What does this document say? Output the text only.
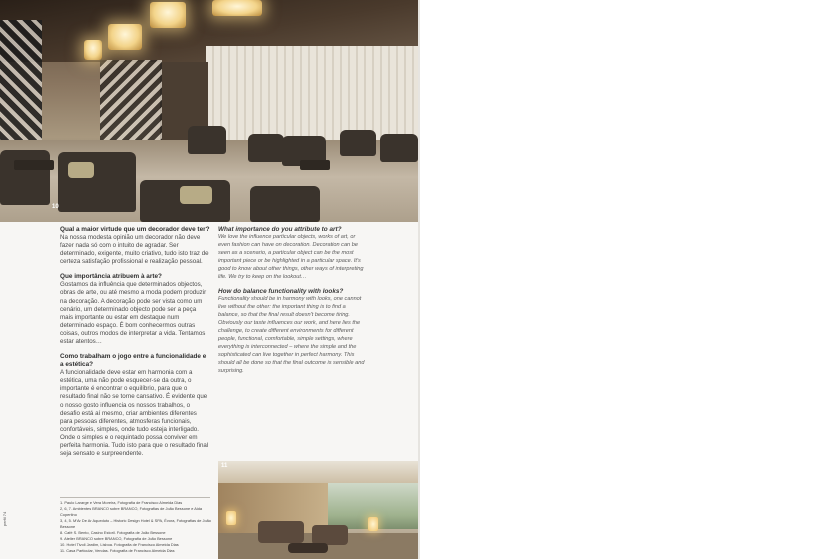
10

Qual a maior virtude que um decorador deve ter?

Na nossa modesta opinião um decorador não deve fazer nada só com o intuito de agradar. Ser determinado, exigente, muito criativo, tudo isto traz de certeza satisfação profissional e realização pessoal.

Que importância atribuem à arte?

Gostamos da influência que determinados objectos, obras de arte, ou até mesmo a moda podem produzir na decoração. A decoração pode ser vista como um cenário, um determinado objecto pode ser a peça mais importante ou estar em destaque num determinado espaço. É bom conhecermos outras coisas, outros modos de interpretar a vida. Tentamos estar atentos…

Como trabalham o jogo entre a funcionalidade e a estética?

A funcionalidade deve estar em harmonia com a estética, uma não pode esquecer-se da outra, o importante é encontrar o equilíbrio, para que o resultado final não se torne cansativo. É evidente que o nosso gosto influencia os nossos trabalhos, o desafio está aí mesmo, criar ambientes diferentes para pessoas diferentes, atmosferas funcionais, confortáveis, simples, onde tudo esteja interligado. Onde o simples e o requintado possa conviver em perfeita harmonia. Tudo isto para que o resultado final seja sensato e surpreendente.

What importance do you attribute to art?

We love the influence particular objects, works of art, or even fashion can have on decoration. Decoration can be seen as a scenario, a particular object can be the most important piece or be highlighted in a particular space. It's good to know about other things, other ways of interpreting life. We try to keep on the lookout…

How do balance functionality with looks?

Functionality should be in harmony with looks, one cannot live without the other: the important thing is to find a balance, so that the final result doesn't become tiring. Obviously our taste influences our work, and here lies the challenge, to create different environments for different people, functional, comfortable, simple settings, where everything is interconnected – where the simple and the sophisticated can live together in perfect harmony. This should all be done so that the final outcome is sensible and surprising.

11

1. Paulo Lararge e Vera Moreira, Fotografia de Francisco Almeida Dias

2, 6, 7. Ambientes BRANCO sobre BRANCO, Fotografias de João Bessone e Aida Copertino

3, 4, 5. M'Ar De Ar Aqueduto – Historic Design Hotel & SPA, Évora, Fotografias de João Bessone

8. Café S. Bento, Casino Estoril. Fotografia de João Bessone

9. Atelier BRANCO sobre BRANCO, Fotografia de João Bessone

10. Hotel Tivoli Jardim, Lisboa. Fotografia de Francisco Almeida Dias

11. Casa Particular, Vendas. Fotografia de Francisco Almeida Dias

perfil 74
